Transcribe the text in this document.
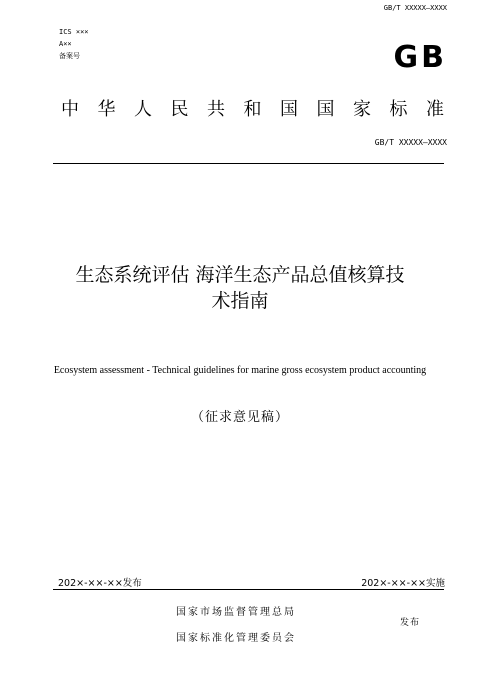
GB/T XXXXX—XXXX
ICS ×××
A××
备案号	GB
中 华 人 民 共 和 国 国 家 标 准
GB/T XXXXX—XXXX
生态系统评估 海洋生态产品总值核算技
术指南
Ecosystem assessment - Technical guidelines for marine gross ecosystem product accounting
（征求意见稿）
202×-××-××发布	202×-××-××实施
国家市场监督管理总局
国家标准化管理委员会
发布
